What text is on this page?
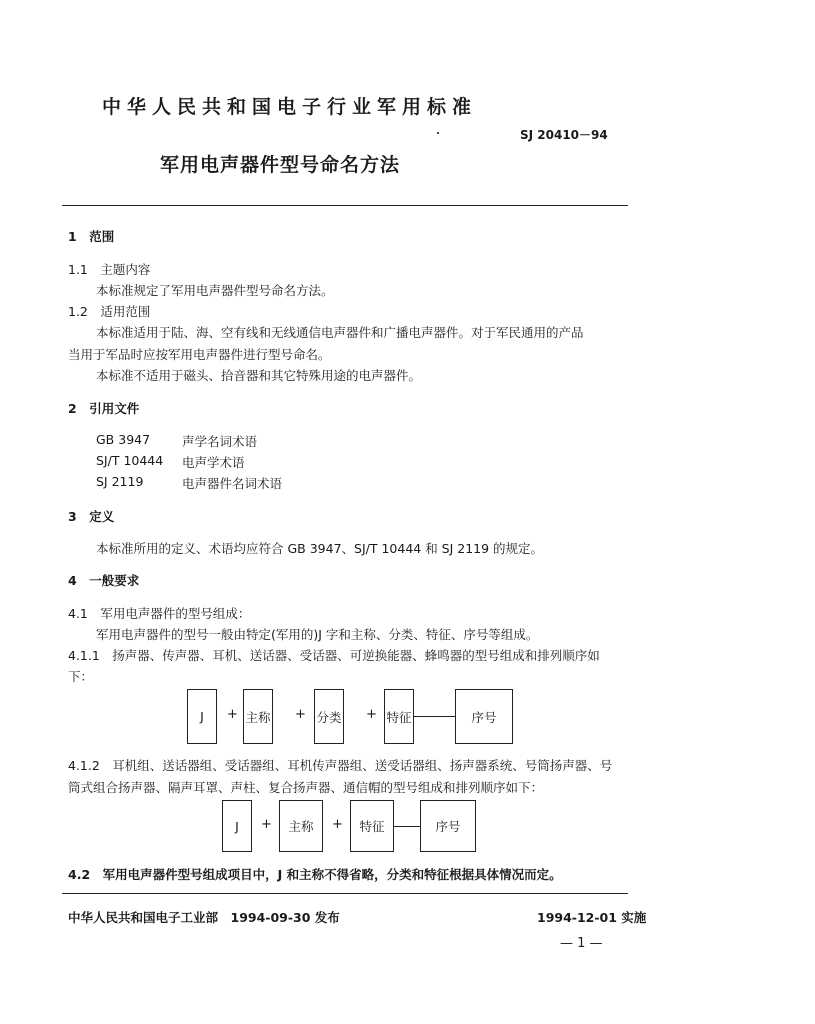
中华人民共和国电子行业军用标准
SJ 20410－94
军用电声器件型号命名方法
1　范围
1.1　主题内容
本标准规定了军用电声器件型号命名方法。
1.2　适用范围
本标准适用于陆、海、空有线和无线通信电声器件和广播电声器件。对于军民通用的产品
当用于军品时应按军用电声器件进行型号命名。
本标准不适用于磁头、拾音器和其它特殊用途的电声器件。
2　引用文件
GB 3947	声学名词术语
SJ/T 10444 电声学术语
SJ 2119	电声器件名词术语
3　定义
本标准所用的定义、术语均应符合 GB 3947、SJ/T 10444 和 SJ 2119 的规定。
4　一般要求
4.1　军用电声器件的型号组成：
军用电声器件的型号一般由特定(军用的)J 字和主称、分类、特征、序号等组成。
4.1.1　扬声器、传声器、耳机、送话器、受话器、可逆换能器、蜂鸣器的型号组成和排列顺序如
下：
J	+ 主称 + 分类 + 特征	序号
4.1.2　耳机组、送话器组、受话器组、耳机传声器组、送受话器组、扬声器系统、号筒扬声器、号
筒式组合扬声器、隔声耳罩、声柱、复合扬声器、通信帽的型号组成和排列顺序如下：
J	+	主称	+	特征	序号
4.2　军用电声器件型号组成项目中，J 和主称不得省略，分类和特征根据具体情况而定。
中华人民共和国电子工业部　1994-09-30 发布	1994-12-01 实施
— 1 —
